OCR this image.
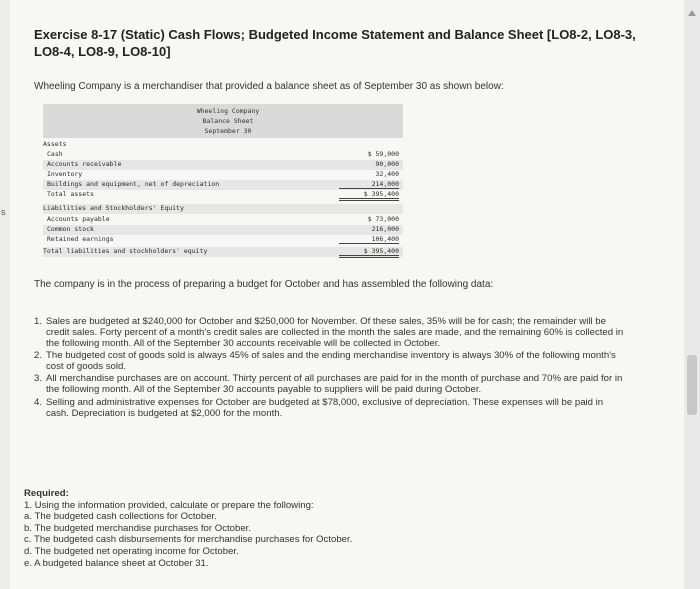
s
Exercise 8-17 (Static) Cash Flows; Budgeted Income Statement and Balance Sheet [LO8-2, LO8-3, LO8-4, LO8-9, LO8-10]
Wheeling Company is a merchandiser that provided a balance sheet as of September 30 as shown below:
Wheeling Company
Balance Sheet
September 30
Assets
Cash	$ 59,000
Accounts receivable	90,000
Inventory	32,400
Buildings and equipment, net of depreciation	214,000
Total assets	$ 395,400
Liabilities and Stockholders' Equity
Accounts payable	$ 73,000
Common stock	216,000
Retained earnings	106,400
Total liabilities and stockholders' equity	$ 395,400
The company is in the process of preparing a budget for October and has assembled the following data:
1. Sales are budgeted at $240,000 for October and $250,000 for November. Of these sales, 35% will be for cash; the remainder will be credit sales. Forty percent of a month's credit sales are collected in the month the sales are made, and the remaining 60% is collected in the following month. All of the September 30 accounts receivable will be collected in October.
2. The budgeted cost of goods sold is always 45% of sales and the ending merchandise inventory is always 30% of the following month's cost of goods sold.
3. All merchandise purchases are on account. Thirty percent of all purchases are paid for in the month of purchase and 70% are paid for in the following month. All of the September 30 accounts payable to suppliers will be paid during October.
4. Selling and administrative expenses for October are budgeted at $78,000, exclusive of depreciation. These expenses will be paid in cash. Depreciation is budgeted at $2,000 for the month.
Required:
1. Using the information provided, calculate or prepare the following:
a. The budgeted cash collections for October.
b. The budgeted merchandise purchases for October.
c. The budgeted cash disbursements for merchandise purchases for October.
d. The budgeted net operating income for October.
e. A budgeted balance sheet at October 31.
